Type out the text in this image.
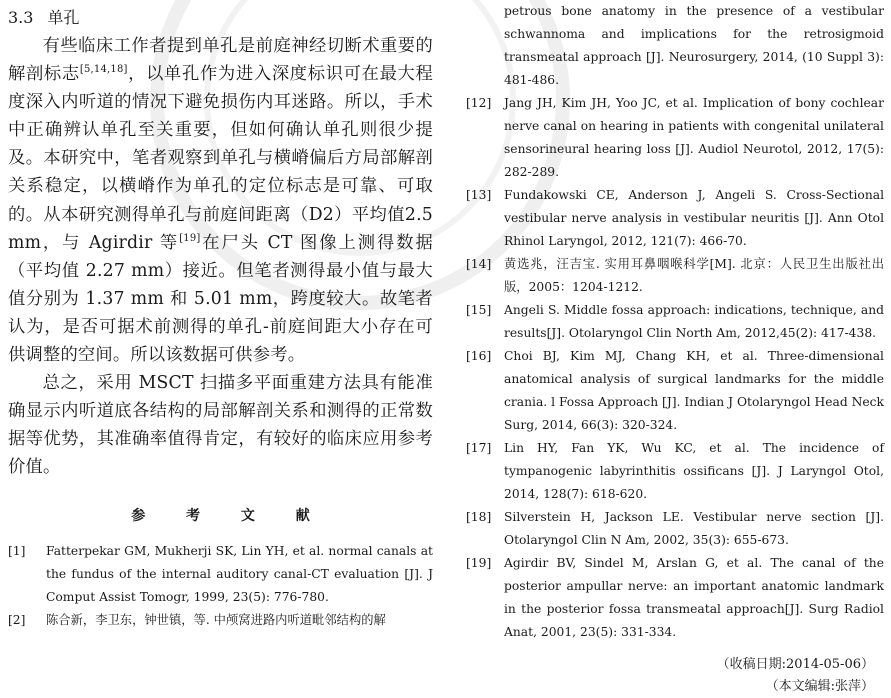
3.3 单孔

有些临床工作者提到单孔是前庭神经切断术重要的解剖标志[5,14,18]，以单孔作为进入深度标识可在最大程度深入内听道的情况下避免损伤内耳迷路。所以，手术中正确辨认单孔至关重要，但如何确认单孔则很少提及。本研究中，笔者观察到单孔与横嵴偏后方局部解剖关系稳定，以横嵴作为单孔的定位标志是可靠、可取的。从本研究测得单孔与前庭间距离（D2）平均值2.5 mm，与 Agirdir 等[19]在尸头 CT 图像上测得数据（平均值 2.27 mm）接近。但笔者测得最小值与最大值分别为 1.37 mm 和 5.01 mm，跨度较大。故笔者认为，是否可据术前测得的单孔-前庭间距大小存在可供调整的空间。所以该数据可供参考。

总之，采用 MSCT 扫描多平面重建方法具有能准确显示内听道底各结构的局部解剖关系和测得的正常数据等优势，其准确率值得肯定，有较好的临床应用参考价值。

参 考 文 献

[1]	Fatterpekar GM, Mukherji SK, Lin YH, et al. normal canals at the fundus of the internal auditory canal-CT evaluation [J]. J Comput Assist Tomogr, 1999, 23(5): 776-780.
[2]	陈合新，李卫东，钟世镇，等. 中颅窝进路内听道毗邻结构的解

petrous bone anatomy in the presence of a vestibular schwannoma and implications for the retrosigmoid transmeatal approach [J]. Neurosurgery, 2014, (10 Suppl 3): 481-486.

[12]	Jang JH, Kim JH, Yoo JC, et al. Implication of bony cochlear nerve canal on hearing in patients with congenital unilateral sensorineural hearing loss [J]. Audiol Neurotol, 2012, 17(5): 282-289.
[13]	Fundakowski CE, Anderson J, Angeli S. Cross-Sectional vestibular nerve analysis in vestibular neuritis [J]. Ann Otol Rhinol Laryngol, 2012, 121(7): 466-70.
[14]	黄选兆，汪吉宝. 实用耳鼻咽喉科学[M]. 北京：人民卫生出版社出版，2005：1204-1212.
[15]	Angeli S. Middle fossa approach: indications, technique, and results[J]. Otolaryngol Clin North Am, 2012,45(2): 417-438.
[16]	Choi BJ, Kim MJ, Chang KH, et al. Three-dimensional anatomical analysis of surgical landmarks for the middle crania. l Fossa Approach [J]. Indian J Otolaryngol Head Neck Surg, 2014, 66(3): 320-324.
[17]	Lin HY, Fan YK, Wu KC, et al. The incidence of tympanogenic labyrinthitis ossificans [J]. J Laryngol Otol, 2014, 128(7): 618-620.
[18]	Silverstein H, Jackson LE. Vestibular nerve section [J]. Otolaryngol Clin N Am, 2002, 35(3): 655-673.
[19]	Agirdir BV, Sindel M, Arslan G, et al. The canal of the posterior ampullar nerve: an important anatomic landmark in the posterior fossa transmeatal approach[J]. Surg Radiol Anat, 2001, 23(5): 331-334.

（收稿日期:2014-05-06）

（本文编辑:张萍）
